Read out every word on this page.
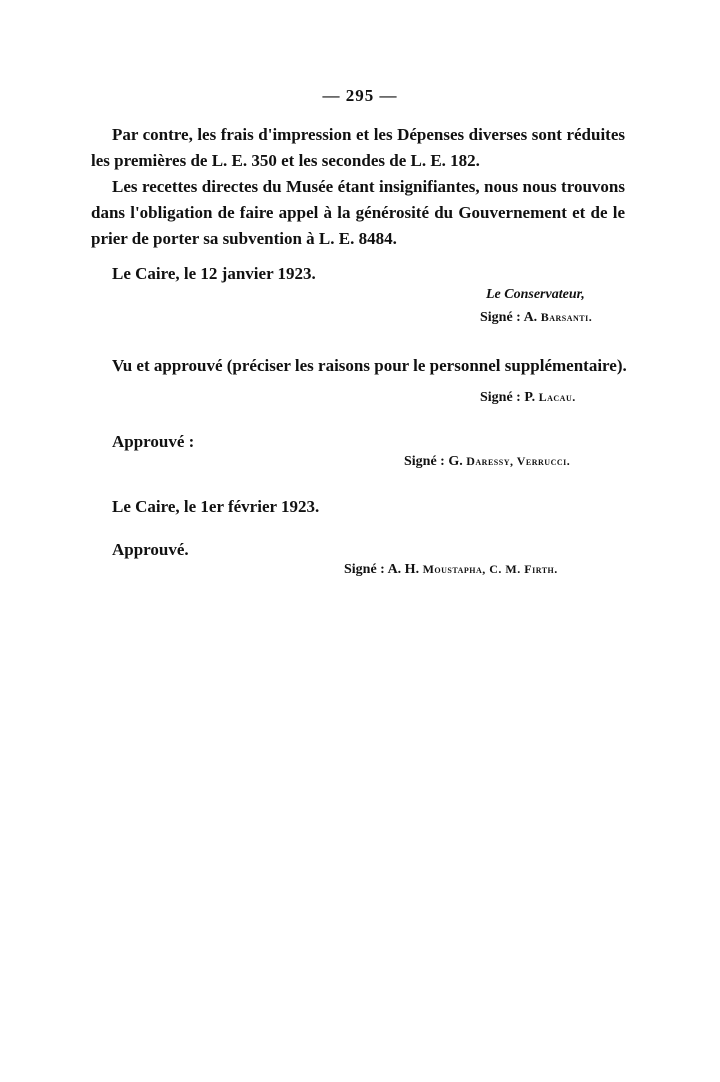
— 295 —
Par contre, les frais d'impression et les Dépenses diverses sont réduites les premières de L. E. 350 et les secondes de L. E. 182.
Les recettes directes du Musée étant insignifiantes, nous nous trouvons dans l'obligation de faire appel à la générosité du Gouvernement et de le prier de porter sa subvention à L. E. 8484.
Le Caire, le 12 janvier 1923.
Le Conservateur,
Signé : A. Barsanti.
Vu et approuvé (préciser les raisons pour le personnel supplémentaire).
Signé : P. Lacau.
Approuvé :
Signé : G. Daressy, Verrucci.
Le Caire, le 1er février 1923.
Approuvé.
Signé : A. H. Moustapha, C. M. Firth.
